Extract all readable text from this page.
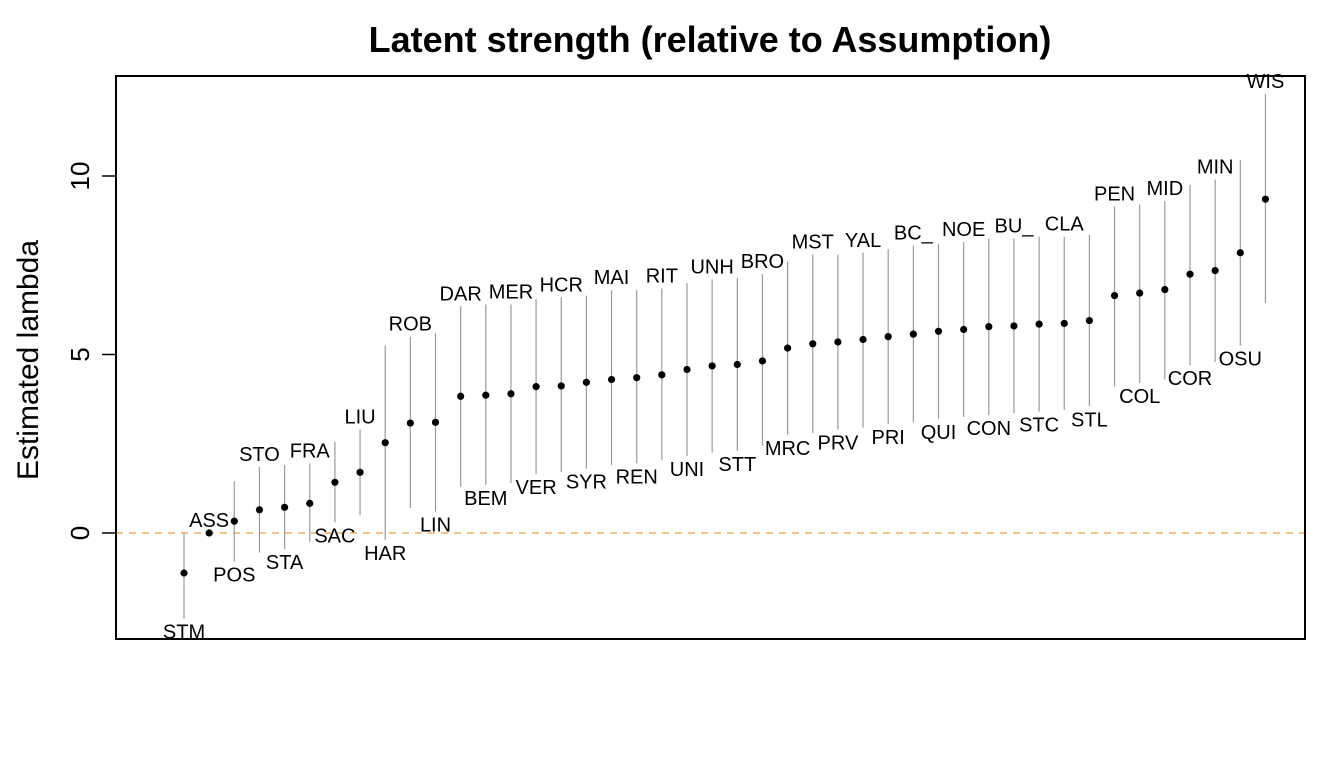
Latent strength (relative to Assumption)
Estimated lambda
0
5
10
STM
ASS
POS
STO
STA
FRA
SAC
LIU
HAR
ROB
LIN
DAR
BEM
MER
VER
HCR
SYR
MAI
REN
RIT
UNI
UNH
STT
BRO
MRC
MST
PRV
YAL
PRI
BC_
QUI
NOE
CON
BU_
STC
CLA
STL
PEN
COL
MID
COR
MIN
OSU
WIS
